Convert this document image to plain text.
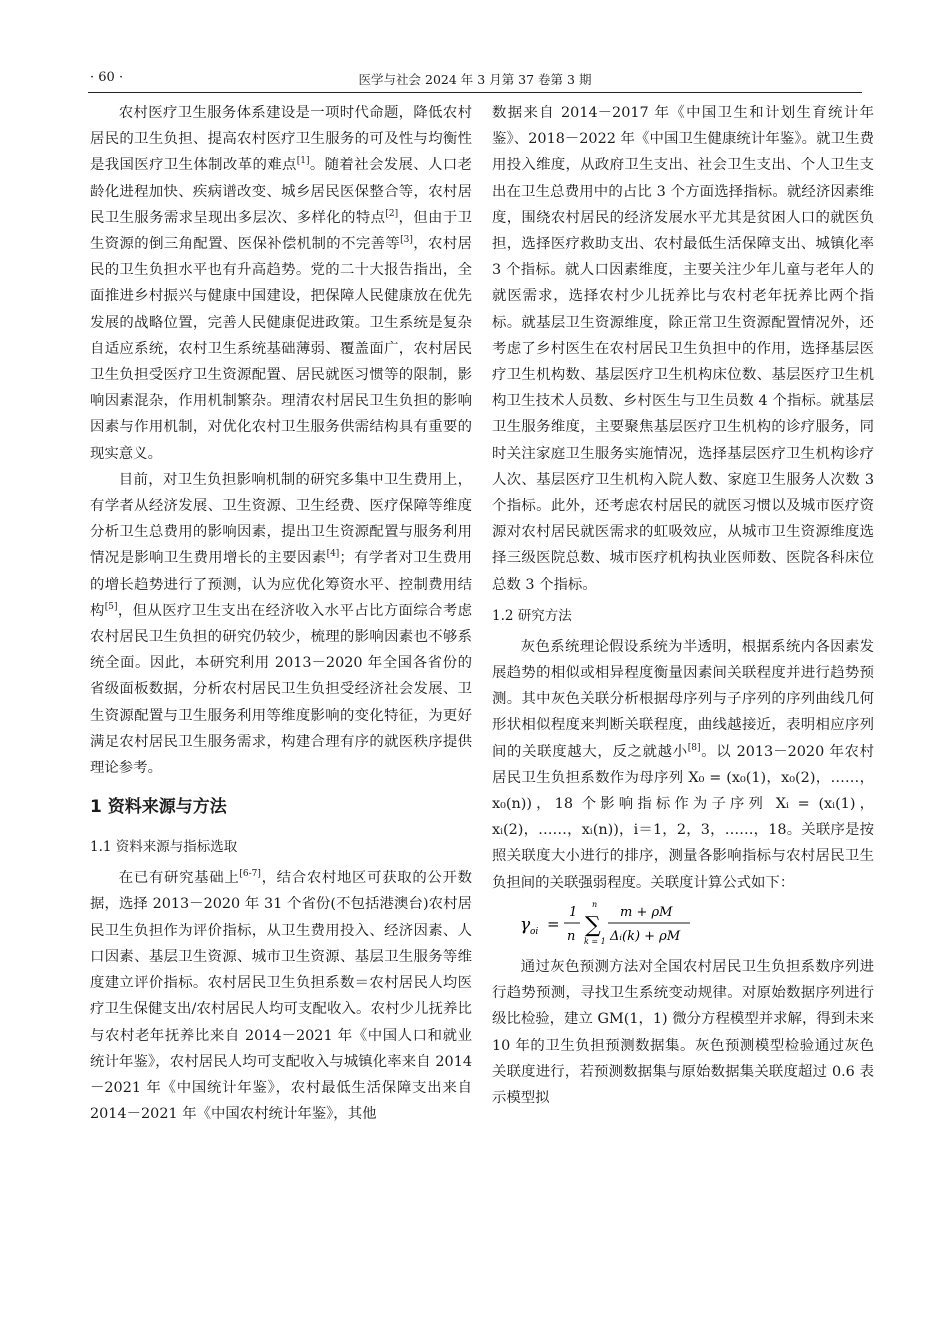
· 60 ·	医学与社会 2024 年 3 月第 37 卷第 3 期

农村医疗卫生服务体系建设是一项时代命题，降低农村居民的卫生负担、提高农村医疗卫生服务的可及性与均衡性是我国医疗卫生体制改革的难点[1]。随着社会发展、人口老龄化进程加快、疾病谱改变、城乡居民医保整合等，农村居民卫生服务需求呈现出多层次、多样化的特点[2]，但由于卫生资源的倒三角配置、医保补偿机制的不完善等[3]，农村居民的卫生负担水平也有升高趋势。党的二十大报告指出，全面推进乡村振兴与健康中国建设，把保障人民健康放在优先发展的战略位置，完善人民健康促进政策。卫生系统是复杂自适应系统，农村卫生系统基础薄弱、覆盖面广，农村居民卫生负担受医疗卫生资源配置、居民就医习惯等的限制，影响因素混杂，作用机制繁杂。理清农村居民卫生负担的影响因素与作用机制，对优化农村卫生服务供需结构具有重要的现实意义。

目前，对卫生负担影响机制的研究多集中卫生费用上，有学者从经济发展、卫生资源、卫生经费、医疗保障等维度分析卫生总费用的影响因素，提出卫生资源配置与服务利用情况是影响卫生费用增长的主要因素[4]；有学者对卫生费用的增长趋势进行了预测，认为应优化筹资水平、控制费用结构[5]，但从医疗卫生支出在经济收入水平占比方面综合考虑农村居民卫生负担的研究仍较少，梳理的影响因素也不够系统全面。因此，本研究利用 2013－2020 年全国各省份的省级面板数据，分析农村居民卫生负担受经济社会发展、卫生资源配置与卫生服务利用等维度影响的变化特征，为更好满足农村居民卫生服务需求，构建合理有序的就医秩序提供理论参考。

1 资料来源与方法
1.1 资料来源与指标选取

在已有研究基础上[6-7]，结合农村地区可获取的公开数据，选择 2013－2020 年 31 个省份(不包括港澳台)农村居民卫生负担作为评价指标，从卫生费用投入、经济因素、人口因素、基层卫生资源、城市卫生资源、基层卫生服务等维度建立评价指标。农村居民卫生负担系数＝农村居民人均医疗卫生保健支出/农村居民人均可支配收入。农村少儿抚养比与农村老年抚养比来自 2014－2021 年《中国人口和就业统计年鉴》，农村居民人均可支配收入与城镇化率来自 2014－2021 年《中国统计年鉴》，农村最低生活保障支出来自 2014－2021 年《中国农村统计年鉴》，其他

数据来自 2014－2017 年《中国卫生和计划生育统计年鉴》、2018－2022 年《中国卫生健康统计年鉴》。就卫生费用投入维度，从政府卫生支出、社会卫生支出、个人卫生支出在卫生总费用中的占比 3 个方面选择指标。就经济因素维度，围绕农村居民的经济发展水平尤其是贫困人口的就医负担，选择医疗救助支出、农村最低生活保障支出、城镇化率 3 个指标。就人口因素维度，主要关注少年儿童与老年人的就医需求，选择农村少儿抚养比与农村老年抚养比两个指标。就基层卫生资源维度，除正常卫生资源配置情况外，还考虑了乡村医生在农村居民卫生负担中的作用，选择基层医疗卫生机构数、基层医疗卫生机构床位数、基层医疗卫生机构卫生技术人员数、乡村医生与卫生员数 4 个指标。就基层卫生服务维度，主要聚焦基层医疗卫生机构的诊疗服务，同时关注家庭卫生服务实施情况，选择基层医疗卫生机构诊疗人次、基层医疗卫生机构入院人数、家庭卫生服务人次数 3 个指标。此外，还考虑农村居民的就医习惯以及城市医疗资源对农村居民就医需求的虹吸效应，从城市卫生资源维度选择三级医院总数、城市医疗机构执业医师数、医院各科床位总数 3 个指标。

1.2 研究方法

灰色系统理论假设系统为半透明，根据系统内各因素发展趋势的相似或相异程度衡量因素间关联程度并进行趋势预测。其中灰色关联分析根据母序列与子序列的序列曲线几何形状相似程度来判断关联程度，曲线越接近，表明相应序列间的关联度越大，反之就越小[8]。以 2013－2020 年农村居民卫生负担系数作为母序列 X₀ = (x₀(1)，x₀(2)，……，x₀(n))，18 个影响指标作为子序列 Xᵢ = (xᵢ(1)，xᵢ(2)，……，xᵢ(n))，i＝1，2，3，……，18。关联序是按照关联度大小进行的排序，测量各影响指标与农村居民卫生负担间的关联强弱程度。关联度计算公式如下：

γ oi =
1
n
n
∑
k = 1
m + ρM
Δᵢ(k) + ρM

通过灰色预测方法对全国农村居民卫生负担系数序列进行趋势预测，寻找卫生系统变动规律。对原始数据序列进行级比检验，建立 GM(1，1) 微分方程模型并求解，得到未来 10 年的卫生负担预测数据集。灰色预测模型检验通过灰色关联度进行，若预测数据集与原始数据集关联度超过 0.6 表示模型拟
